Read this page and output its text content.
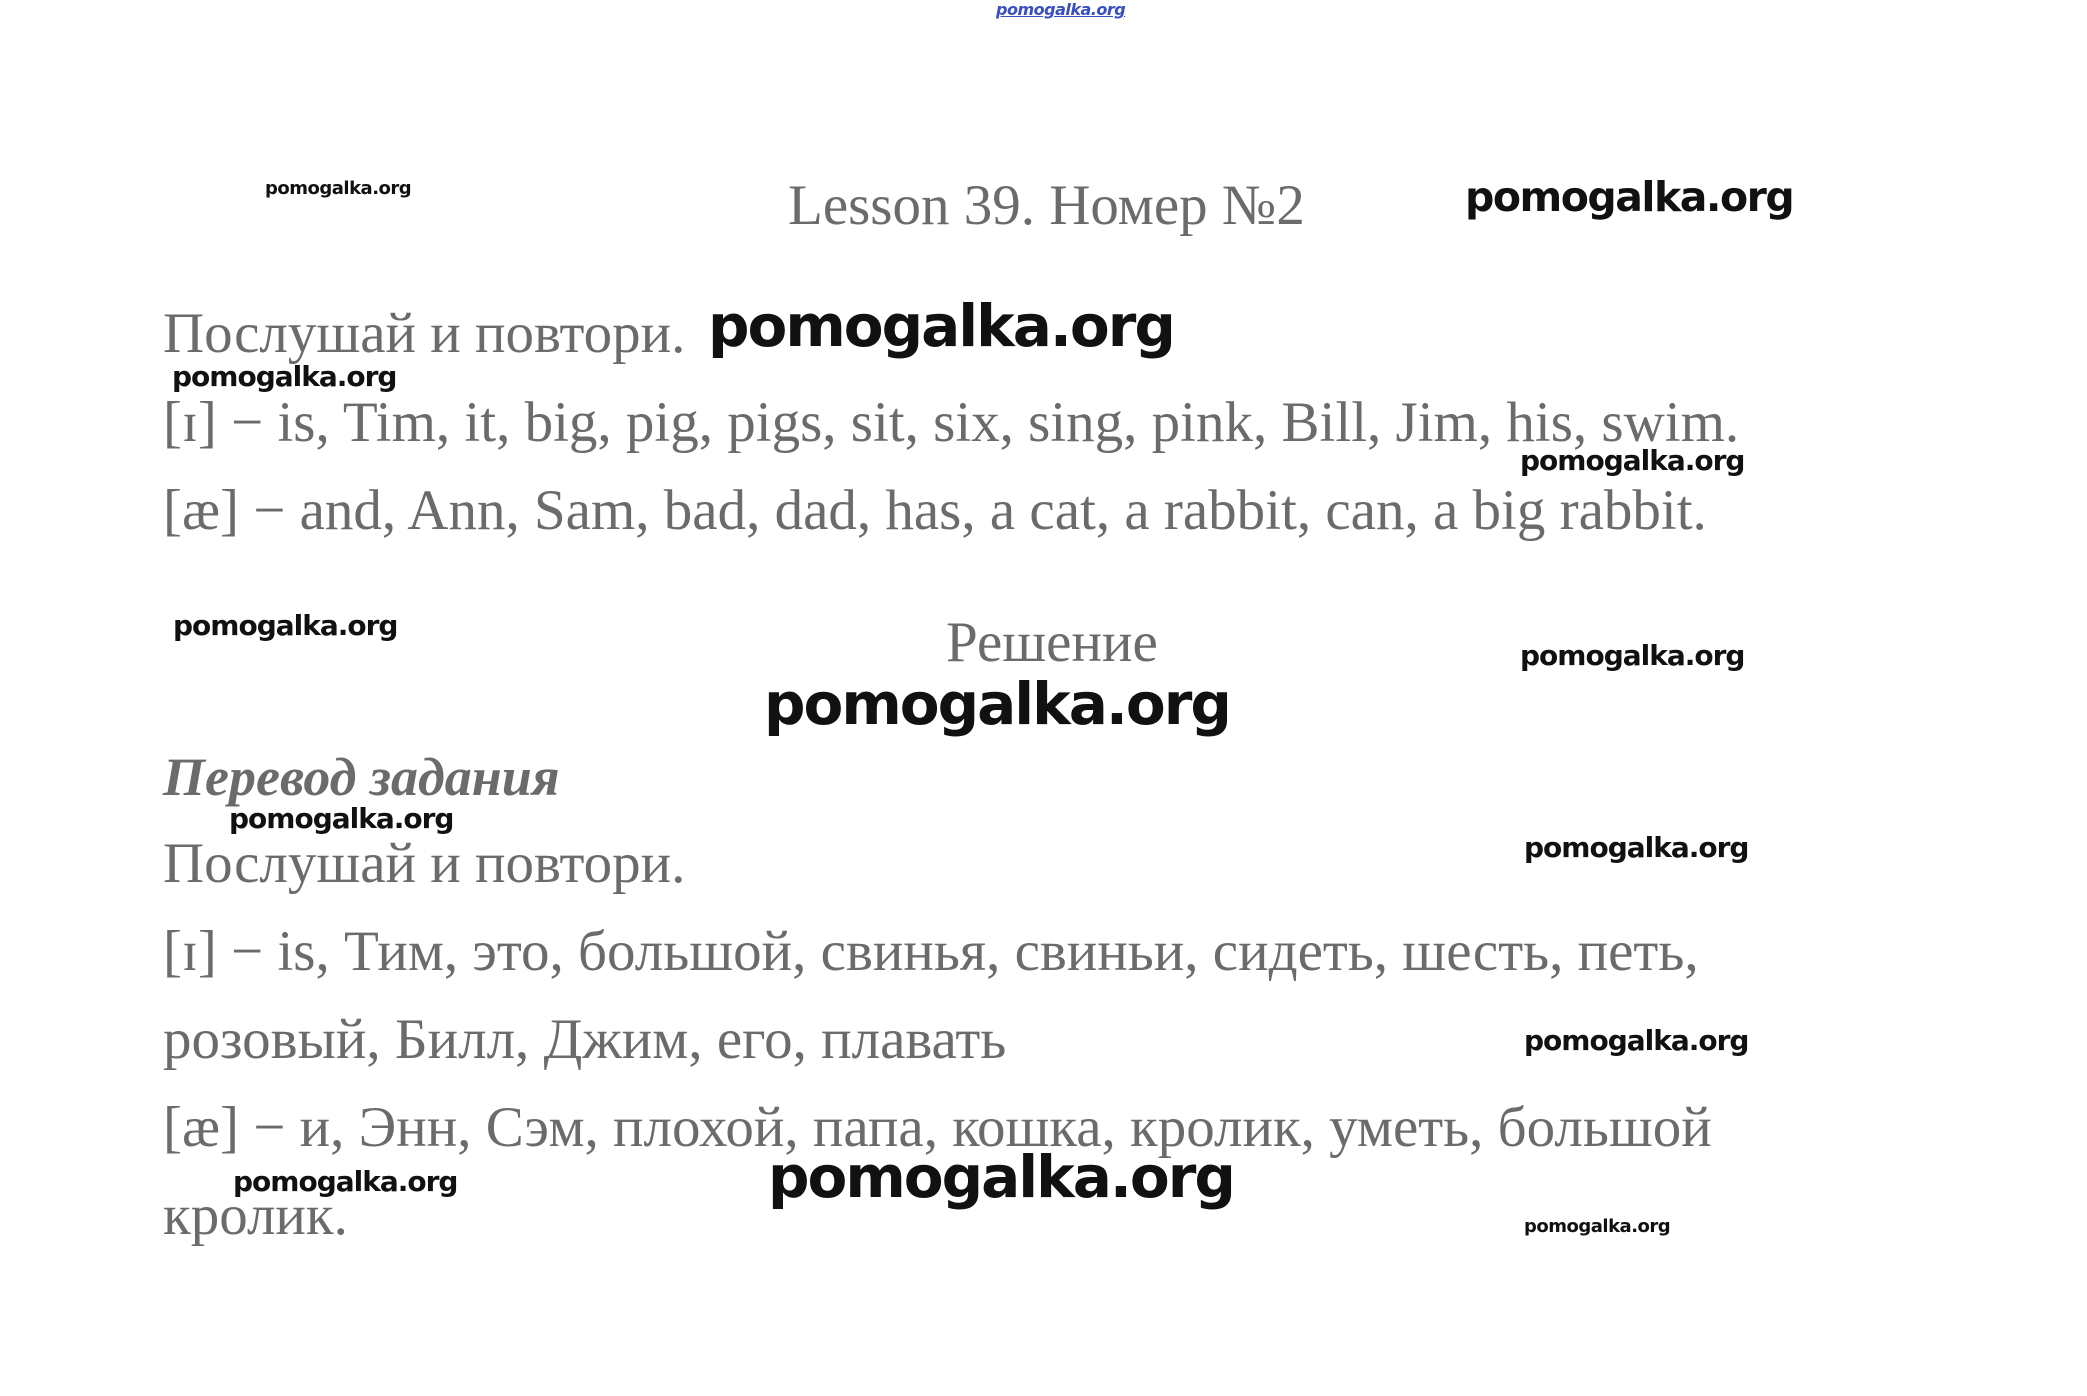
pomogalka.org
Lesson 39. Номер №2

Послушай и повтори.

[ɪ] − is, Tim, it, big, pig, pigs, sit, six, sing, pink, Bill, Jim, his, swim.

[æ] − and, Ann, Sam, bad, dad, has, a cat, a rabbit, can, a big rabbit.

Решение
Перевод задания

Послушай и повтори.

[ɪ] − is, Тим, это, большой, свинья, свиньи, сидеть, шесть, петь,

розовый, Билл, Джим, его, плавать

[æ] − и, Энн, Сэм, плохой, папа, кошка, кролик, уметь, большой

кролик.

pomogalka.org	pomogalka.org
pomogalka.org
pomogalka.org
pomogalka.org
pomogalka.org
pomogalka.org
pomogalka.org
pomogalka.org
pomogalka.org
pomogalka.org
pomogalka.org	pomogalka.org
pomogalka.org
